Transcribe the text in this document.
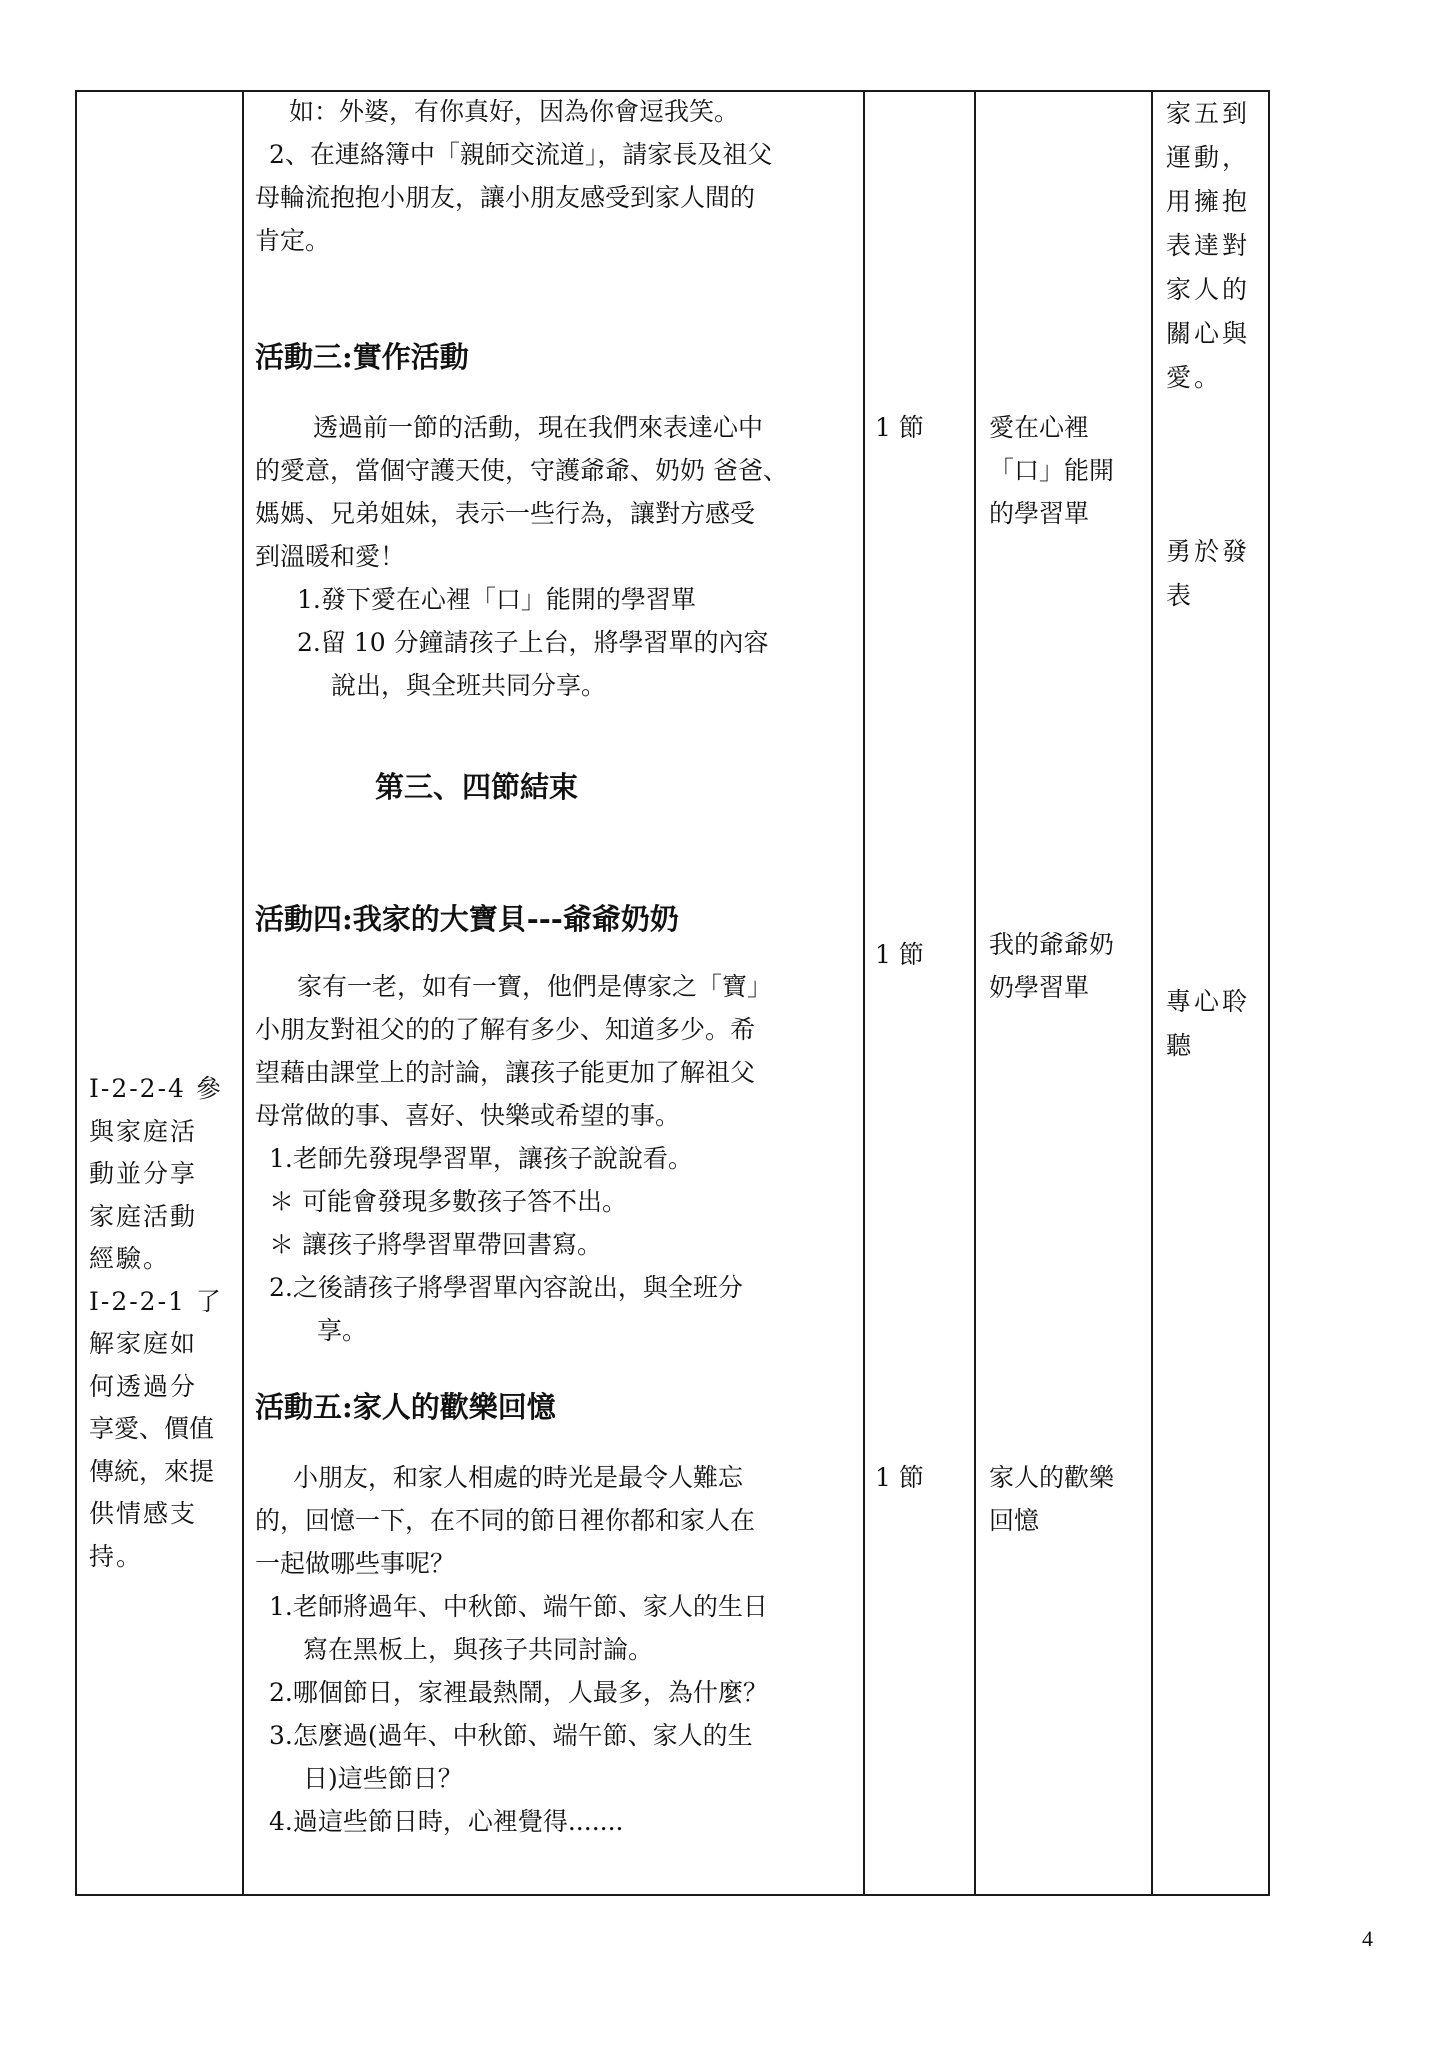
I-2-2-4 參
與家庭活
動並分享
家庭活動
經驗。
I-2-2-1 了
解家庭如
何透過分
享愛、價值
傳統，來提
供情感支
持。
如：外婆，有你真好，因為你會逗我笑。
2、在連絡簿中「親師交流道」，請家長及祖父
母輪流抱抱小朋友，讓小朋友感受到家人間的
肯定。
活動三:實作活動
透過前一節的活動，現在我們來表達心中
的愛意，當個守護天使，守護爺爺、奶奶 爸爸、
媽媽、兄弟姐妹，表示一些行為，讓對方感受
到溫暖和愛！
1.發下愛在心裡「口」能開的學習單
2.留 10 分鐘請孩子上台，將學習單的內容
說出，與全班共同分享。
第三、四節結束
活動四:我家的大寶貝---爺爺奶奶
家有一老，如有一寶，他們是傳家之「寶」
小朋友對祖父的的了解有多少、知道多少。希
望藉由課堂上的討論，讓孩子能更加了解祖父
母常做的事、喜好、快樂或希望的事。
1.老師先發現學習單，讓孩子說說看。
＊ 可能會發現多數孩子答不出。
＊ 讓孩子將學習單帶回書寫。
2.之後請孩子將學習單內容說出，與全班分
享。
活動五:家人的歡樂回憶
小朋友，和家人相處的時光是最令人難忘
的，回憶一下，在不同的節日裡你都和家人在
一起做哪些事呢？
1.老師將過年、中秋節、端午節、家人的生日
寫在黑板上，與孩子共同討論。
2.哪個節日，家裡最熱鬧，人最多，為什麼？
3.怎麼過(過年、中秋節、端午節、家人的生
日)這些節日？
4.過這些節日時，心裡覺得.......
1 節
1 節
1 節
愛在心裡
「口」能開
的學習單
我的爺爺奶
奶學習單
家人的歡樂
回憶
家五到
運動，
用擁抱
表達對
家人的
關心與
愛。
勇於發
表
專心聆
聽
4
